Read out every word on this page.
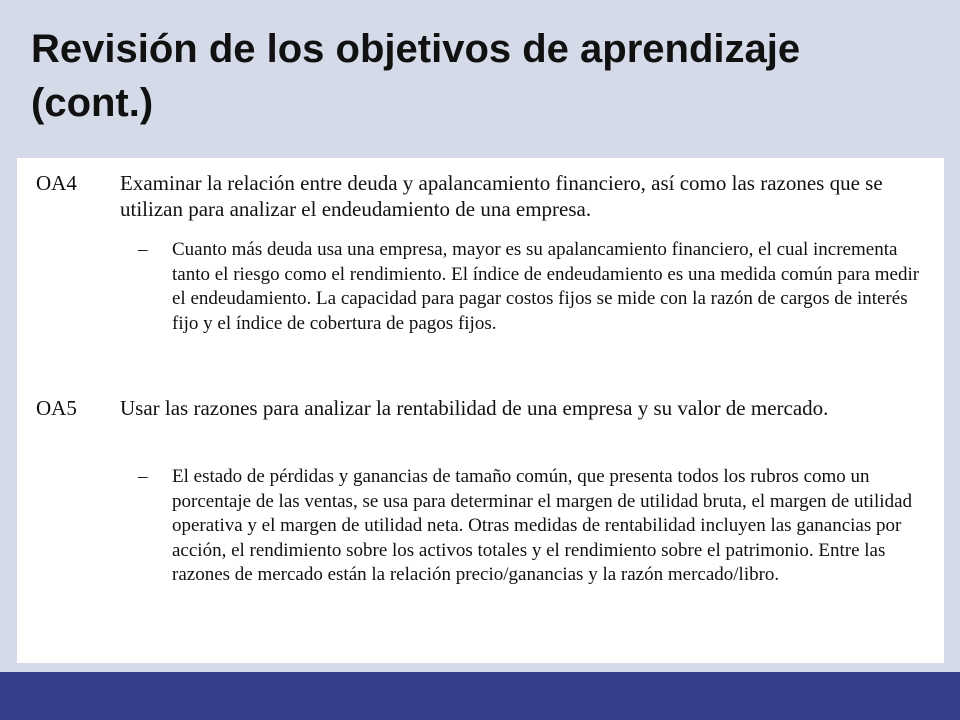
Revisión de los objetivos de aprendizaje (cont.)
OA4	Examinar la relación entre deuda y apalancamiento financiero, así como las razones que se utilizan para analizar el endeudamiento de una empresa.
–	Cuanto más deuda usa una empresa, mayor es su apalancamiento financiero, el cual incrementa tanto el riesgo como el rendimiento. El índice de endeudamiento es una medida común para medir el endeudamiento. La capacidad para pagar costos fijos se mide con la razón de cargos de interés fijo y el índice de cobertura de pagos fijos.
OA5	Usar las razones para analizar la rentabilidad de una empresa y su valor de mercado.
–	El estado de pérdidas y ganancias de tamaño común, que presenta todos los rubros como un porcentaje de las ventas, se usa para determinar el margen de utilidad bruta, el margen de utilidad operativa y el margen de utilidad neta. Otras medidas de rentabilidad incluyen las ganancias por acción, el rendimiento sobre los activos totales y el rendimiento sobre el patrimonio. Entre las razones de mercado están la relación precio/ganancias y la razón mercado/libro.
